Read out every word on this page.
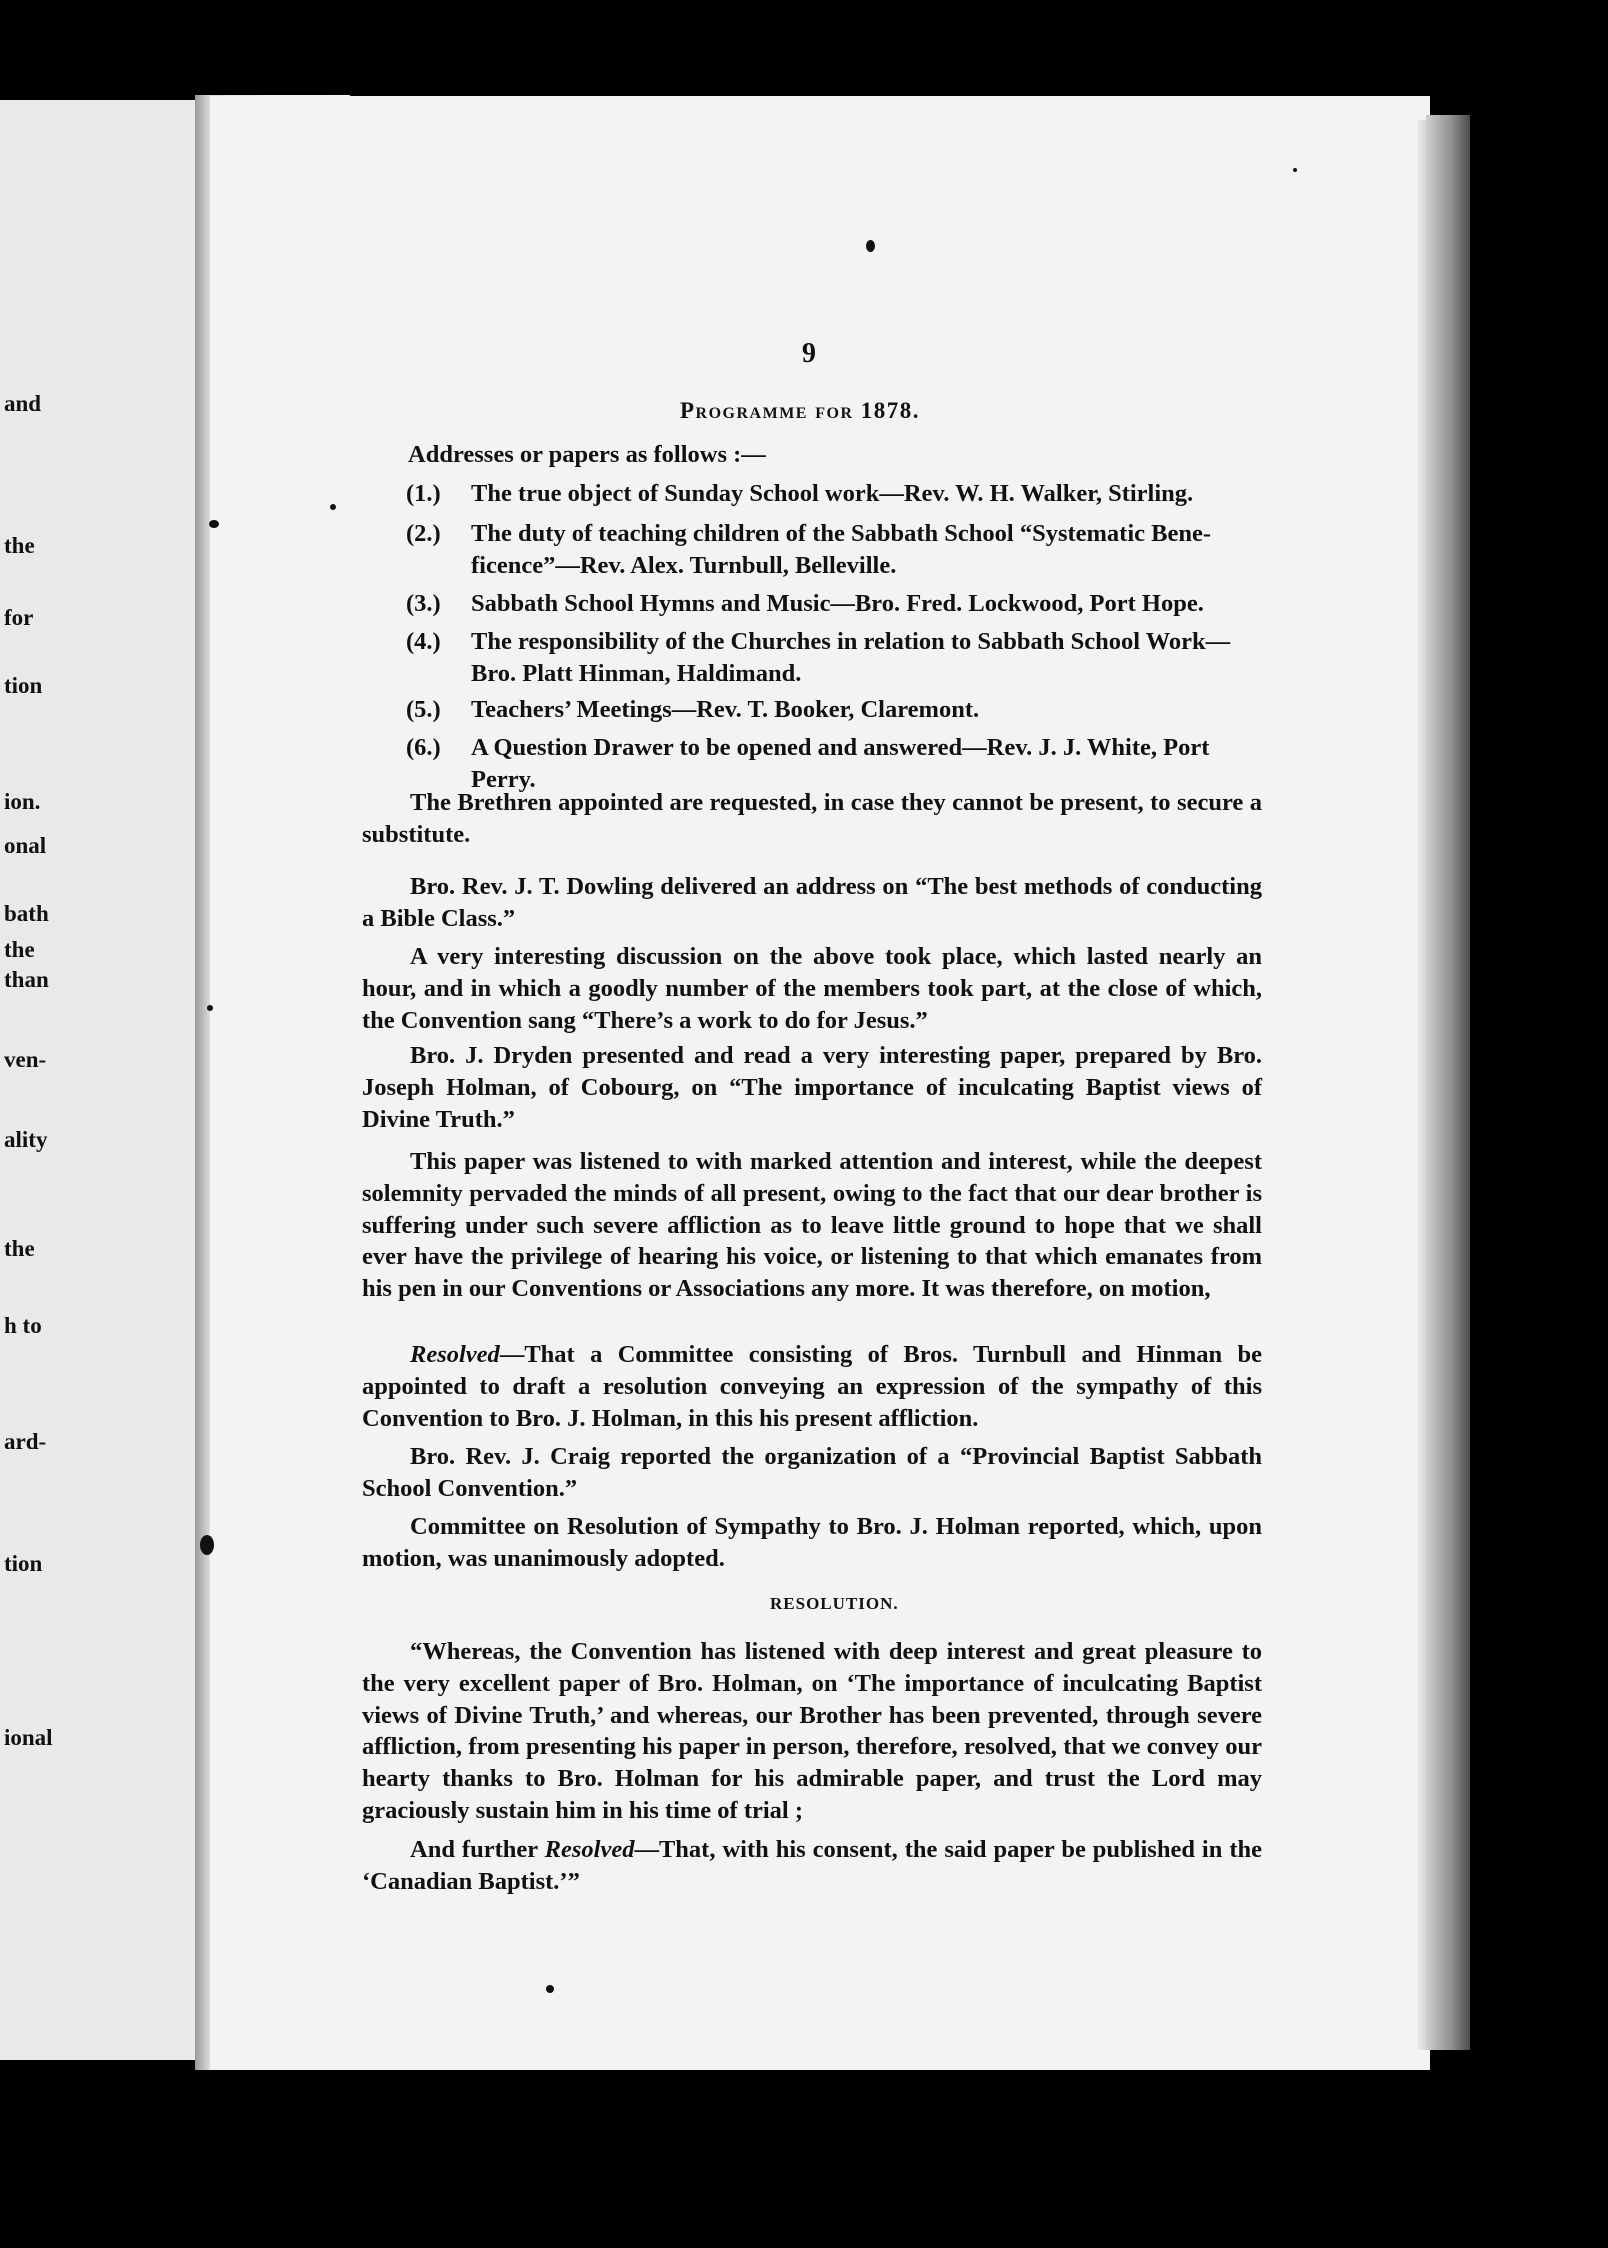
and
the
for
tion
ion.
onal
bath
the
than
ven-
ality
the
h to
ard-
tion
ional
9
Programme for 1878.
Addresses or papers as follows :—
(1.) The true object of Sunday School work—Rev. W. H. Walker, Stirling.
(2.) The duty of teaching children of the Sabbath School “Systematic Bene-
ficence”—Rev. Alex. Turnbull, Belleville.
(3.) Sabbath School Hymns and Music—Bro. Fred. Lockwood, Port Hope.
(4.) The responsibility of the Churches in relation to Sabbath School Work—
Bro. Platt Hinman, Haldimand.
(5.) Teachers’ Meetings—Rev. T. Booker, Claremont.
(6.) A Question Drawer to be opened and answered—Rev. J. J. White, Port
Perry.

The Brethren appointed are requested, in case they cannot be present, to secure a substitute.

Bro. Rev. J. T. Dowling delivered an address on “The best methods of conducting a Bible Class.”

A very interesting discussion on the above took place, which lasted nearly an hour, and in which a goodly number of the members took part, at the close of which, the Convention sang “There’s a work to do for Jesus.”

Bro. J. Dryden presented and read a very interesting paper, prepared by Bro. Joseph Holman, of Cobourg, on “The importance of inculcating Baptist views of Divine Truth.”

This paper was listened to with marked attention and interest, while the deepest solemnity pervaded the minds of all present, owing to the fact that our dear brother is suffering under such severe affliction as to leave little ground to hope that we shall ever have the privilege of hearing his voice, or listening to that which emanates from his pen in our Conventions or Associations any more. It was therefore, on motion,

Resolved—That a Committee consisting of Bros. Turnbull and Hinman be appointed to draft a resolution conveying an expression of the sympathy of this Convention to Bro. J. Holman, in this his present affliction.

Bro. Rev. J. Craig reported the organization of a “Provincial Baptist Sabbath School Convention.”

Committee on Resolution of Sympathy to Bro. J. Holman reported, which, upon motion, was unanimously adopted.

RESOLUTION.

“Whereas, the Convention has listened with deep interest and great pleasure to the very excellent paper of Bro. Holman, on ‘The importance of inculcating Baptist views of Divine Truth,’ and whereas, our Brother has been prevented, through severe affliction, from presenting his paper in person, therefore, resolved, that we convey our hearty thanks to Bro. Holman for his admirable paper, and trust the Lord may graciously sustain him in his time of trial ;

And further Resolved—That, with his consent, the said paper be published in the ‘Canadian Baptist.’”
